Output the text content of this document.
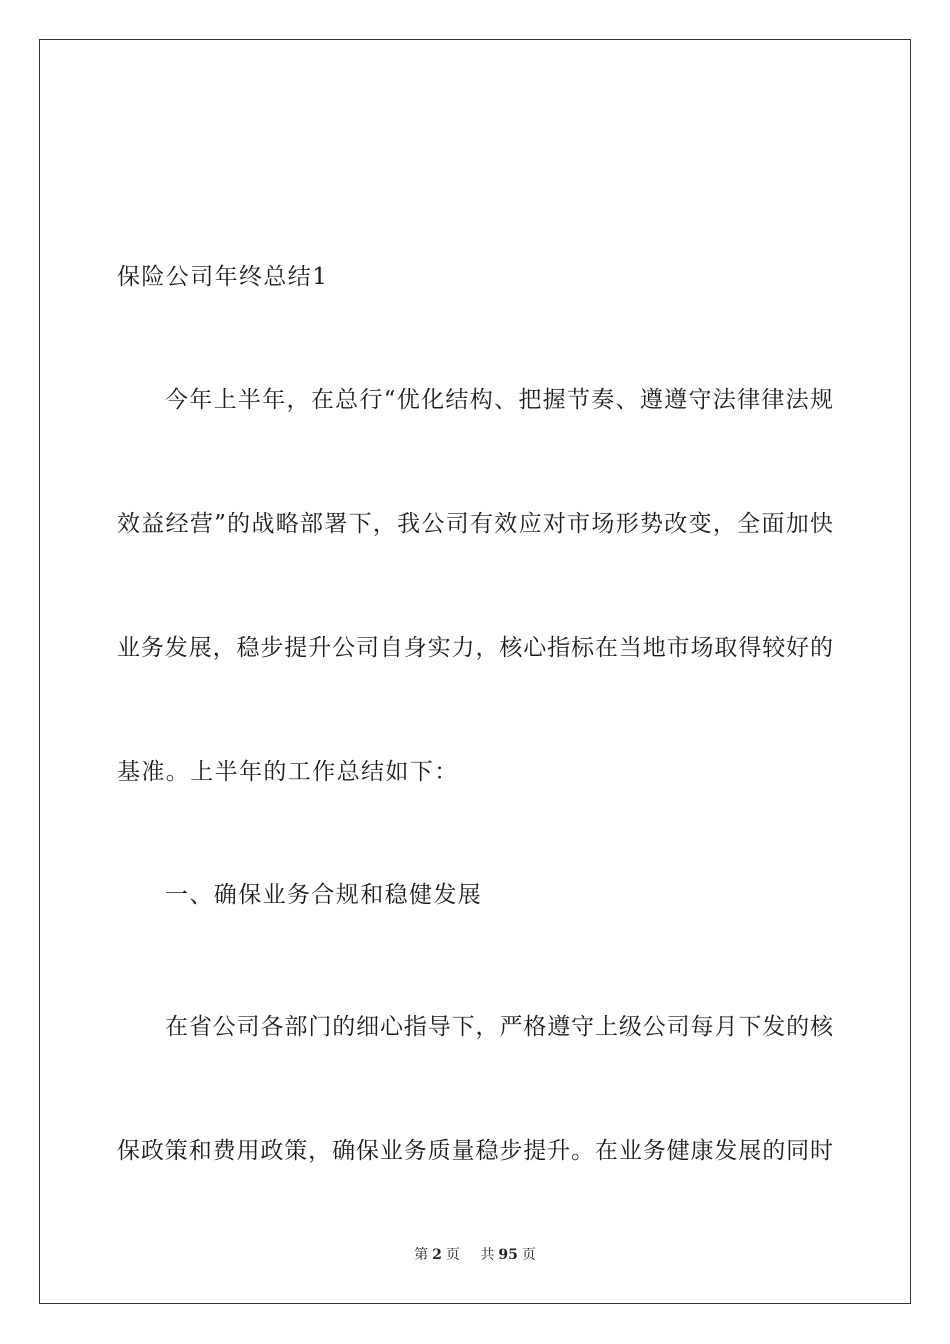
保险公司年终总结1
今年上半年，在总行“优化结构、把握节奏、遵遵守法律律法规
效益经营”的战略部署下，我公司有效应对市场形势改变，全面加快
业务发展，稳步提升公司自身实力，核心指标在当地市场取得较好的
基准。上半年的工作总结如下：
一、确保业务合规和稳健发展
在省公司各部门的细心指导下，严格遵守上级公司每月下发的核
保政策和费用政策，确保业务质量稳步提升。在业务健康发展的同时
第 2 页 共 95 页
